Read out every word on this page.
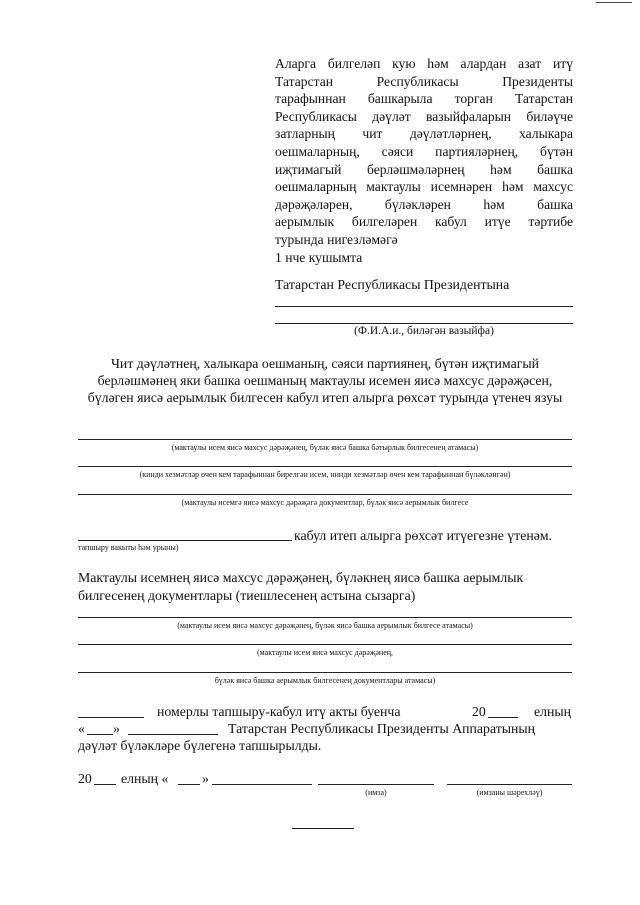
Аларга билгеләп кую һәм алардан азат итү
Татарстан Республикасы Президенты
тарафыннан башкарыла торган Татарстан
Республикасы дәүләт вазыйфаларын биләүче
затларның чит дәүләтләрнең, халыкара
оешмаларның, сәяси партияләрнең, бүтән
иҗтимагый берләшмәләрнең һәм башка
оешмаларның мактаулы исемнәрен һәм махсус
дәрәҗәләрен, бүләкләрен һәм башка
аерымлык билгеләрен кабул итүе тәртибе
турында нигезләмәгә
1 нче кушымта
Татарстан Республикасы Президентына
(Ф.И.А.и., биләгән вазыйфа)
Чит дәүләтнең, халыкара оешманың, сәяси партиянең, бүтән иҗтимагый берләшмәнең яки башка оешманың мактаулы исемен яисә махсус дәрәҗәсен, бүләген яисә аерымлык билгесен кабул итеп алырга рөхсәт турында үтенеч язуы
(мактаулы исем яисә махсус дәрәҗәнең, бүләк яисә башка бәтырлык билгесенең атамасы)
(кинди хезмәтләр өчен кем тарафыннан бирелгән исем, нинди хезмәтләр өчен кем тарафыннан бүләкләнгән)
(мактаулы исемгә яисә махсус дәрәҗәгә документлар, бүләк яисә аерымлык билгесе
кабул итеп алырга рөхсәт итүегезне үтенәм.
тапшыру вакыты һәм урыны)
Мактаулы исемнең яисә махсус дәрәҗәнең, бүләкнең яисә башка аерымлык билгесенең документлары (тиешлесенең астына сызарга)
(мактаулы исем яисә махсус дәрәҗәнең, бүләк яисә башка аерымлык билгесе атамасы)
(мактаулы исем яисә махсус дәрәҗәнең,
бүләк яисә башка аерымлык билгесенең документлары атамасы)
номерлы тапшыру-кабул итү акты буенча	20	елның
« »	Татарстан Республикасы Президенты Аппаратының
дәүләт бүләкләре бүлегенә тапшырылды.
20 елның « »
(имза)	(имзаны шәрехләү)
